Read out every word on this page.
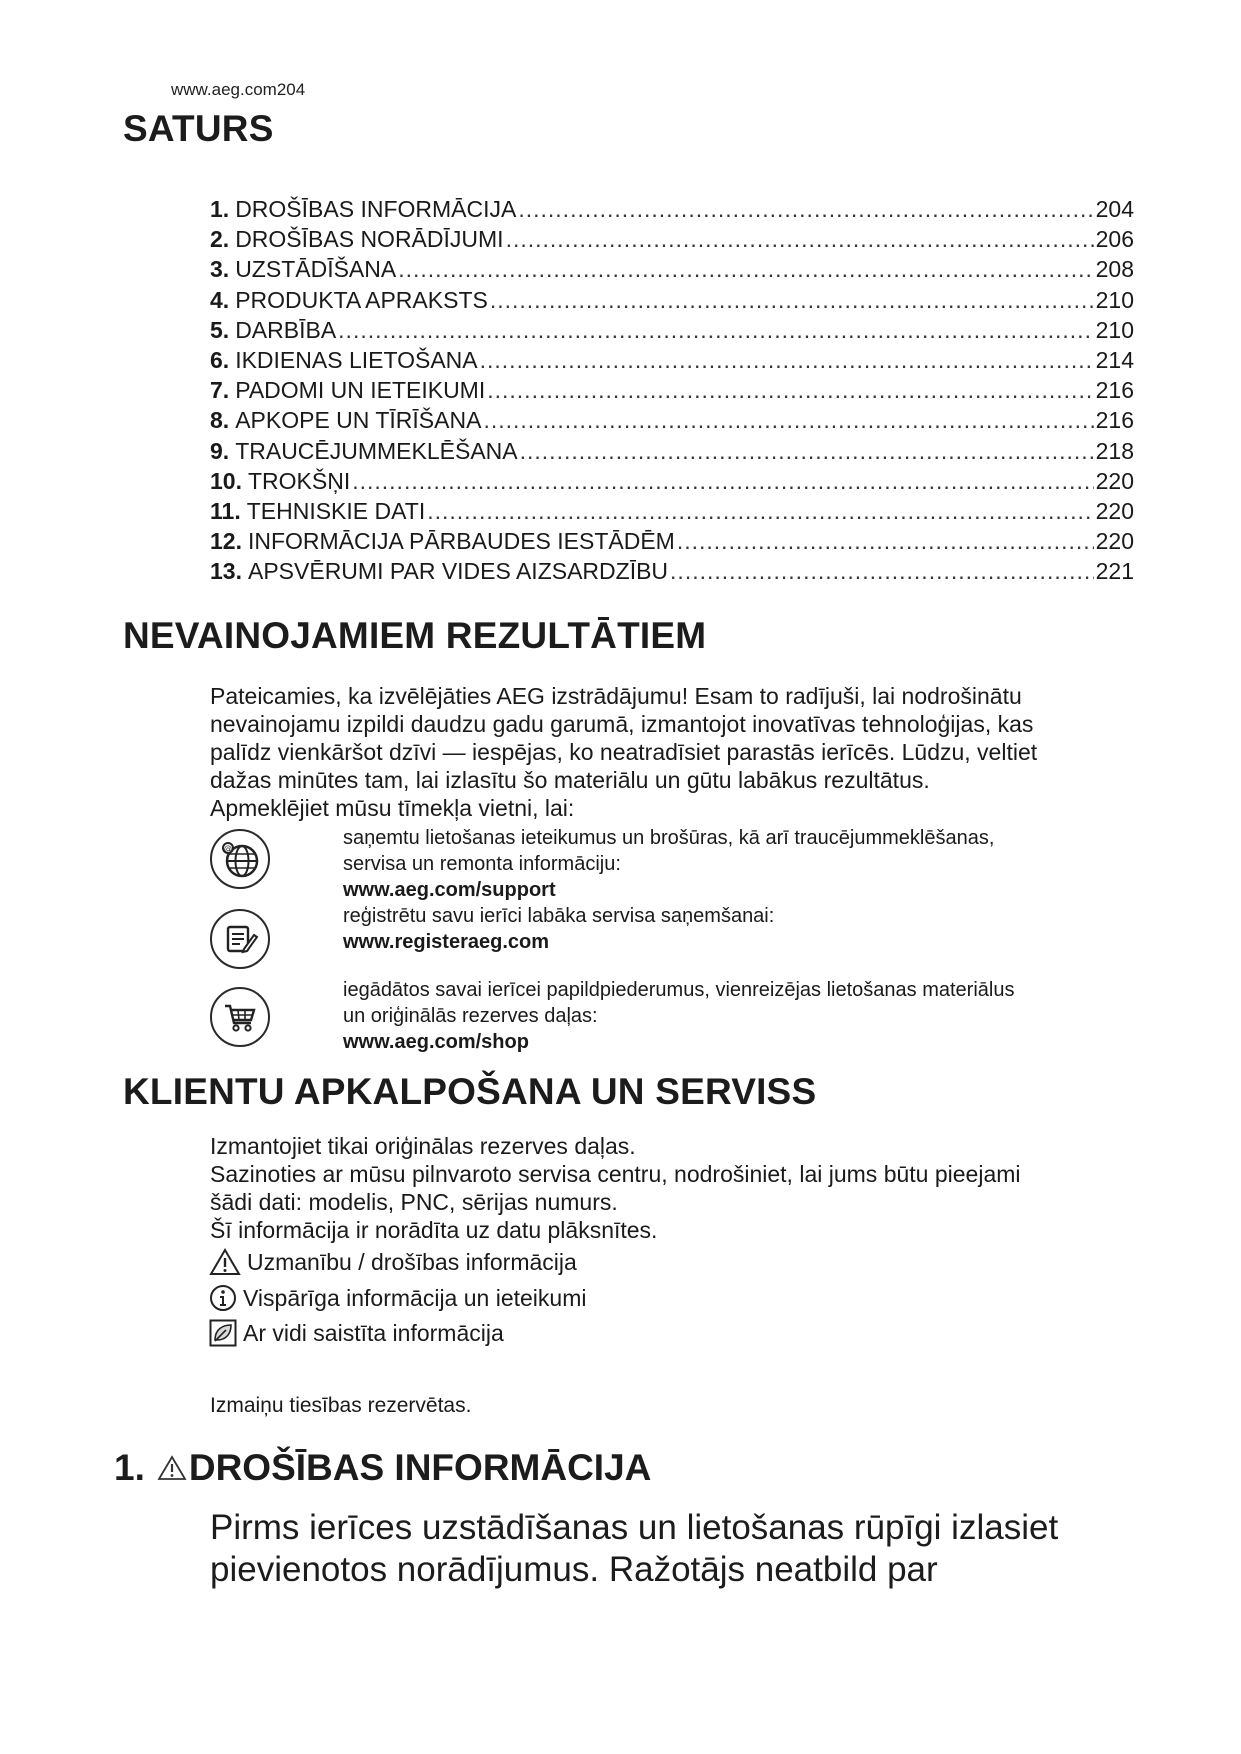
www.aeg.com204
SATURS
1. DROŠĪBAS INFORMĀCIJA .....	204
2. DROŠĪBAS NORĀDĪJUMI .....	206
3. UZSTĀDĪŠANA .....	208
4. PRODUKTA APRAKSTS .....	210
5. DARBĪBA .....	210
6. IKDIENAS LIETOŠANA .....	214
7. PADOMI UN IETEIKUMI .....	216
8. APKOPE UN TĪRĪŠANA .....	216
9. TRAUCĒJUMMEKLĒŠANA .....	218
10. TROKŠŅI .....	220
11. TEHNISKIE DATI .....	220
12. INFORMĀCIJA PĀRBAUDES IESTĀDĒM .....	220
13. APSVĒRUMI PAR VIDES AIZSARDZĪBU .....	221
NEVAINOJAMIEM REZULTĀTIEM
Pateicamies, ka izvēlējāties AEG izstrādājumu! Esam to radījuši, lai nodrošinātu
nevainojamu izpildi daudzu gadu garumā, izmantojot inovatīvas tehnoloģijas, kas
palīdz vienkāršot dzīvi — iespējas, ko neatradīsiet parastās ierīcēs. Lūdzu, veltiet
dažas minūtes tam, lai izlasītu šo materiālu un gūtu labākus rezultātus.
Apmeklējiet mūsu tīmekļa vietni, lai:
@	saņemtu lietošanas ieteikumus un brošūras, kā arī traucējummeklēšanas,
servisa un remonta informāciju:
www.aeg.com/support
reģistrētu savu ierīci labāka servisa saņemšanai:
www.registeraeg.com
iegādātos savai ierīcei papildpiederumus, vienreizējas lietošanas materiālus
un oriģinālās rezerves daļas:
www.aeg.com/shop
KLIENTU APKALPOŠANA UN SERVISS
Izmantojiet tikai oriģinālas rezerves daļas.
Sazinoties ar mūsu pilnvaroto servisa centru, nodrošiniet, lai jums būtu pieejami
šādi dati: modelis, PNC, sērijas numurs.
Šī informācija ir norādīta uz datu plāksnītes.
Uzmanību / drošības informācija
Vispārīga informācija un ieteikumi
Ar vidi saistīta informācija
Izmaiņu tiesības rezervētas.
1. DROŠĪBAS INFORMĀCIJA
Pirms ierīces uzstādīšanas un lietošanas rūpīgi izlasiet
pievienotos norādījumus. Ražotājs neatbild par
